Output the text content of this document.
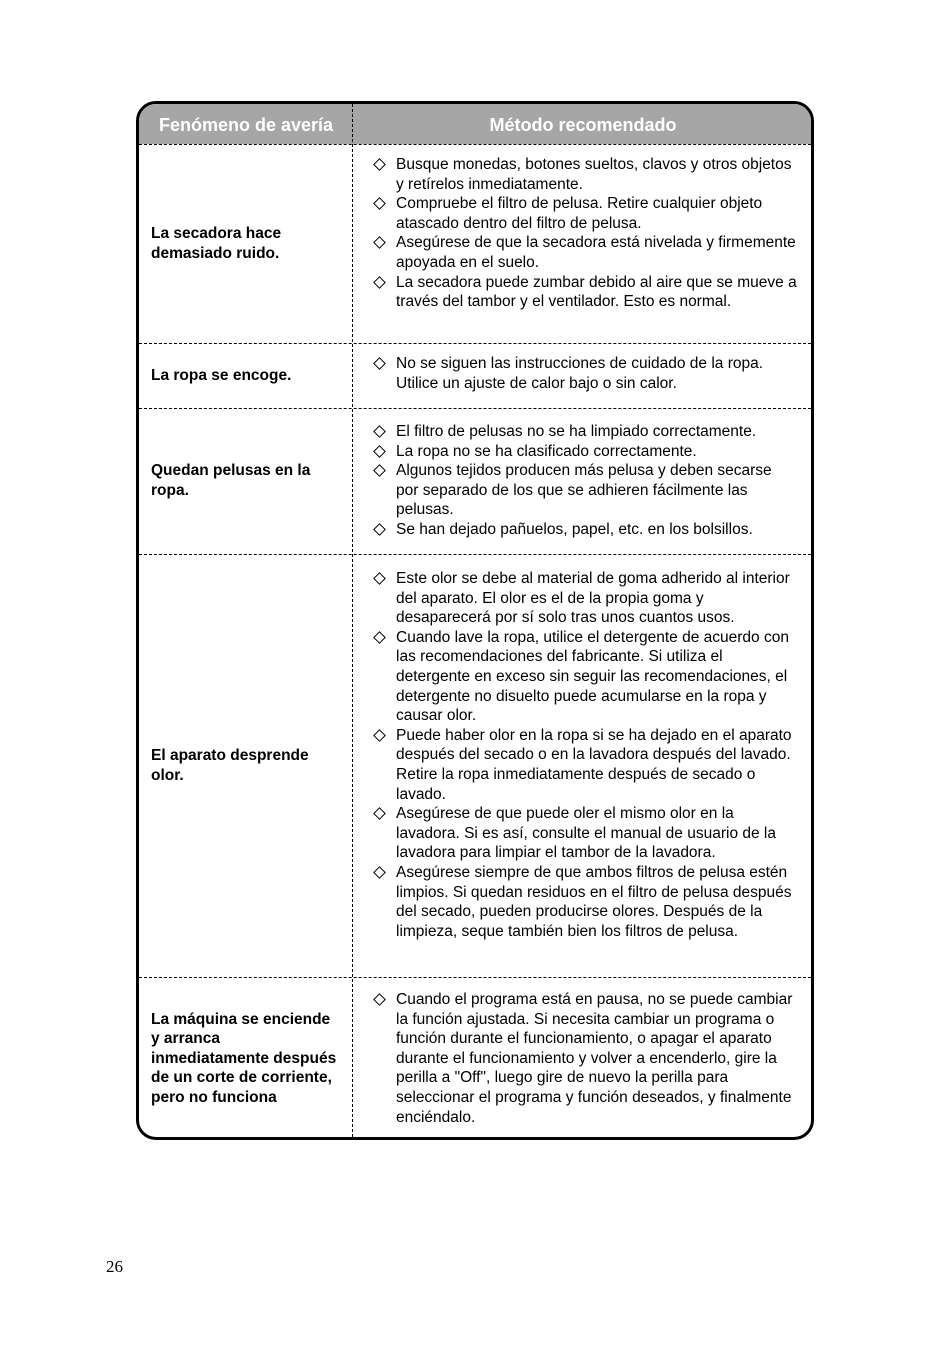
Fenómeno de avería	Método recomendado
La secadora hace demasiado ruido.
Busque monedas, botones sueltos, clavos y otros objetos y retírelos inmediatamente.
Compruebe el filtro de pelusa. Retire cualquier objeto atascado dentro del filtro de pelusa.
Asegúrese de que la secadora está nivelada y firmemente apoyada en el suelo.
La secadora puede zumbar debido al aire que se mueve a través del tambor y el ventilador. Esto es normal.
La ropa se encoge.
No se siguen las instrucciones de cuidado de la ropa. Utilice un ajuste de calor bajo o sin calor.
Quedan pelusas en la ropa.
El filtro de pelusas no se ha limpiado correctamente.
La ropa no se ha clasificado correctamente.
Algunos tejidos producen más pelusa y deben secarse por separado de los que se adhieren fácilmente las pelusas.
Se han dejado pañuelos, papel, etc. en los bolsillos.
El aparato desprende olor.
Este olor se debe al material de goma adherido al interior del aparato. El olor es el de la propia goma y desaparecerá por sí solo tras unos cuantos usos.
Cuando lave la ropa, utilice el detergente de acuerdo con las recomendaciones del fabricante. Si utiliza el detergente en exceso sin seguir las recomendaciones, el detergente no disuelto puede acumularse en la ropa y causar olor.
Puede haber olor en la ropa si se ha dejado en el aparato después del secado o en la lavadora después del lavado. Retire la ropa inmediatamente después de secado o lavado.
Asegúrese de que puede oler el mismo olor en la lavadora. Si es así, consulte el manual de usuario de la lavadora para limpiar el tambor de la lavadora.
Asegúrese siempre de que ambos filtros de pelusa estén limpios. Si quedan residuos en el filtro de pelusa después del secado, pueden producirse olores. Después de la limpieza, seque también bien los filtros de pelusa.
La máquina se enciende y arranca inmediatamente después de un corte de corriente, pero no funciona
Cuando el programa está en pausa, no se puede cambiar la función ajustada. Si necesita cambiar un programa o función durante el funcionamiento, o apagar el aparato durante el funcionamiento y volver a encenderlo, gire la perilla a "Off", luego gire de nuevo la perilla para seleccionar el programa y función deseados, y finalmente enciéndalo.
26
